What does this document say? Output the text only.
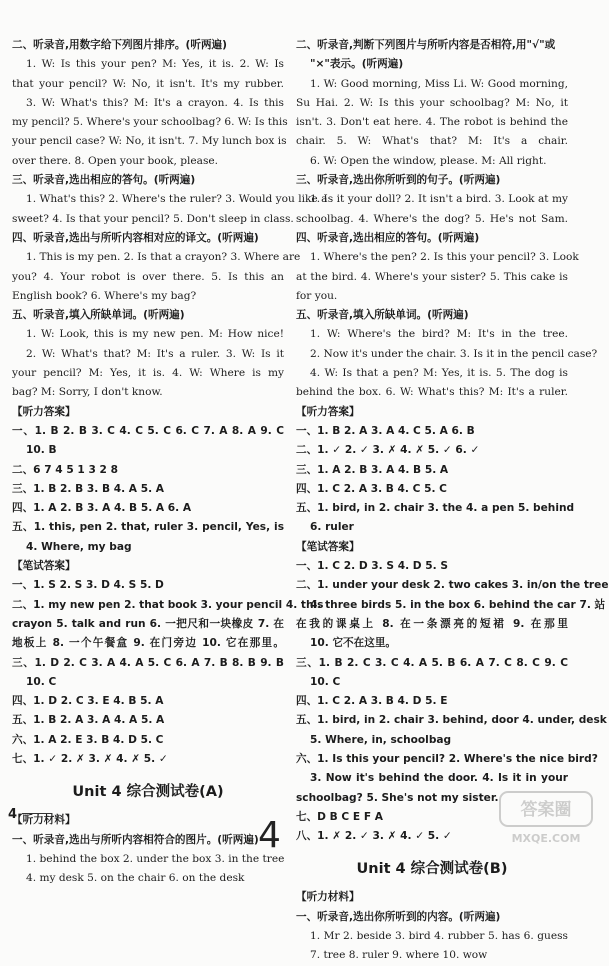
二、听录音,用数字给下列图片排序。(听两遍)
1. W: Is this your pen? M: Yes, it is. 2. W: Is
that your pencil? W: No, it isn't. It's my rubber.
3. W: What's this? M: It's a crayon. 4. Is this
my pencil? 5. Where's your schoolbag? 6. W: Is this
your pencil case? W: No, it isn't. 7. My lunch box is
over there. 8. Open your book, please.
三、听录音,选出相应的答句。(听两遍)
1. What's this? 2. Where's the ruler? 3. Would you like a
sweet? 4. Is that your pencil? 5. Don't sleep in class.
四、听录音,选出与所听内容相对应的译文。(听两遍)
1. This is my pen. 2. Is that a crayon? 3. Where are
you? 4. Your robot is over there. 5. Is this an
English book? 6. Where's my bag?
五、听录音,填入所缺单词。(听两遍)
1. W: Look, this is my new pen. M: How nice!
2. W: What's that? M: It's a ruler. 3. W: Is it
your pencil? M: Yes, it is. 4. W: Where is my
bag? M: Sorry, I don't know.
【听力答案】
一、1. B 2. B 3. C 4. C 5. C 6. C 7. A 8. A 9. C
10. B
二、6 7 4 5 1 3 2 8
三、1. B 2. B 3. B 4. A 5. A
四、1. A 2. B 3. A 4. B 5. A 6. A
五、1. this, pen 2. that, ruler 3. pencil, Yes, is
4. Where, my bag
【笔试答案】
一、1. S 2. S 3. D 4. S 5. D
二、1. my new pen 2. that book 3. your pencil 4. this
crayon 5. talk and run 6. 一把尺和一块橡皮 7. 在
地板上 8. 一个午餐盒 9. 在门旁边 10. 它在那里。
三、1. D 2. C 3. A 4. A 5. C 6. A 7. B 8. B 9. B
10. C
四、1. D 2. C 3. E 4. B 5. A
五、1. B 2. A 3. A 4. A 5. A
六、1. A 2. E 3. B 4. D 5. C
七、1. ✓ 2. ✗ 3. ✗ 4. ✗ 5. ✓
Unit 4 综合测试卷(A)
【听力材料】
一、听录音,选出与所听内容相符合的图片。(听两遍)
1. behind the box 2. under the box 3. in the tree
4. my desk 5. on the chair 6. on the desk
二、听录音,判断下列图片与所听内容是否相符,用"√"或
"×"表示。(听两遍)
1. W: Good morning, Miss Li. W: Good morning,
Su Hai. 2. W: Is this your schoolbag? M: No, it
isn't. 3. Don't eat here. 4. The robot is behind the
chair. 5. W: What's that? M: It's a chair.
6. W: Open the window, please. M: All right.
三、听录音,选出你所听到的句子。(听两遍)
1. Is it your doll? 2. It isn't a bird. 3. Look at my
schoolbag. 4. Where's the dog? 5. He's not Sam.
四、听录音,选出相应的答句。(听两遍)
1. Where's the pen? 2. Is this your pencil? 3. Look
at the bird. 4. Where's your sister? 5. This cake is
for you.
五、听录音,填入所缺单词。(听两遍)
1. W: Where's the bird? M: It's in the tree.
2. Now it's under the chair. 3. Is it in the pencil case?
4. W: Is that a pen? M: Yes, it is. 5. The dog is
behind the box. 6. W: What's this? M: It's a ruler.
【听力答案】
一、1. B 2. A 3. A 4. C 5. A 6. B
二、1. ✓ 2. ✓ 3. ✗ 4. ✗ 5. ✓ 6. ✓
三、1. A 2. B 3. A 4. B 5. A
四、1. C 2. A 3. B 4. C 5. C
五、1. bird, in 2. chair 3. the 4. a pen 5. behind
6. ruler
【笔试答案】
一、1. C 2. D 3. S 4. D 5. S
二、1. under your desk 2. two cakes 3. in/on the tree
4. three birds 5. in the box 6. behind the car 7. 站
在我的课桌上 8. 在一条漂亮的短裙 9. 在那里
10. 它不在这里。
三、1. B 2. C 3. C 4. A 5. B 6. A 7. C 8. C 9. C
10. C
四、1. C 2. A 3. B 4. D 5. E
五、1. bird, in 2. chair 3. behind, door 4. under, desk
5. Where, in, schoolbag
六、1. Is this your pencil? 2. Where's the nice bird?
3. Now it's behind the door. 4. Is it in your
schoolbag? 5. She's not my sister.
七、D B C E F A
八、1. ✗ 2. ✓ 3. ✗ 4. ✓ 5. ✓
Unit 4 综合测试卷(B)
【听力材料】
一、听录音,选出你所听到的内容。(听两遍)
1. Mr 2. beside 3. bird 4. rubber 5. has 6. guess
7. tree 8. ruler 9. where 10. wow
4
4
答案圈
MXQE.COM
